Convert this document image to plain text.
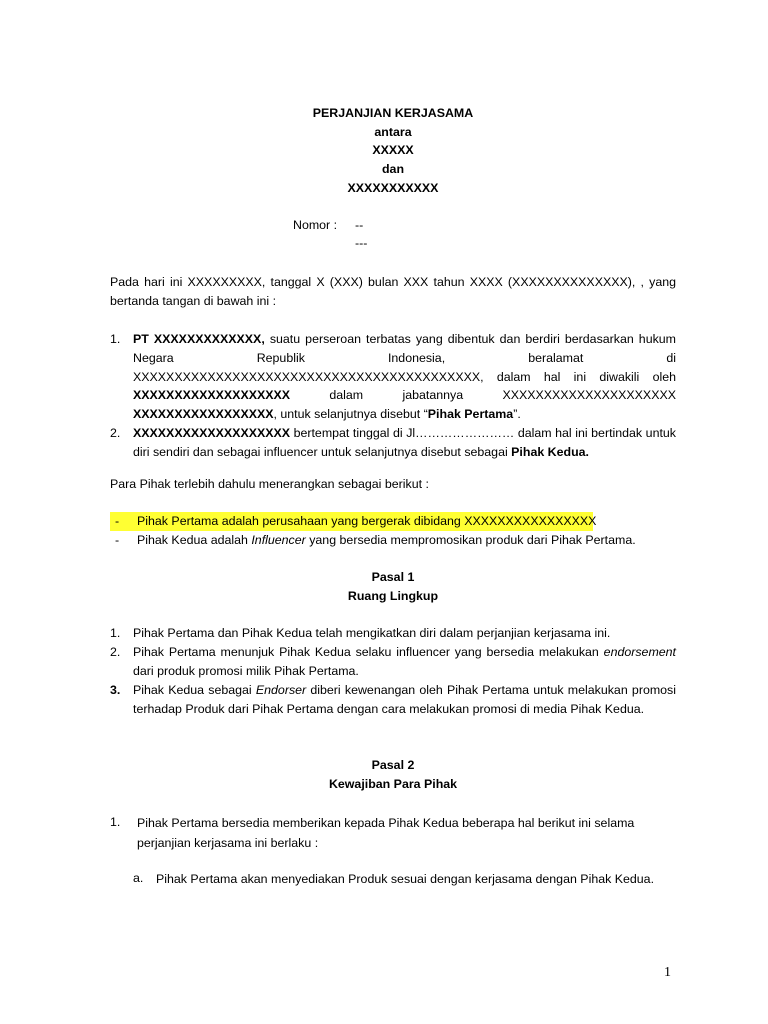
PERJANJIAN KERJASAMA
antara
XXXXX
dan
XXXXXXXXXXX
Nomor : --
---
Pada hari ini XXXXXXXXX, tanggal X (XXX) bulan XXX tahun XXXX (XXXXXXXXXXXXXX), , yang bertanda tangan di bawah ini :
1.	PT XXXXXXXXXXXXX, suatu perseroan terbatas yang dibentuk dan berdiri berdasarkan hukum Negara Republik Indonesia, beralamat di XXXXXXXXXXXXXXXXXXXXXXXXXXXXXXXXXXXXXXXXXX, dalam hal ini diwakili oleh XXXXXXXXXXXXXXXXXXX dalam jabatannya XXXXXXXXXXXXXXXXXXXXX XXXXXXXXXXXXXXXXX, untuk selanjutnya disebut “Pihak Pertama”.
2.	XXXXXXXXXXXXXXXXXXX bertempat tinggal di Jl…………………… dalam hal ini bertindak untuk diri sendiri dan sebagai influencer untuk selanjutnya disebut sebagai Pihak Kedua.
Para Pihak terlebih dahulu menerangkan sebagai berikut :
- Pihak Pertama adalah perusahaan yang bergerak dibidang XXXXXXXXXXXXXXXX
- Pihak Kedua adalah Influencer yang bersedia mempromosikan produk dari Pihak Pertama.
Pasal 1
Ruang Lingkup
1.	Pihak Pertama dan Pihak Kedua telah mengikatkan diri dalam perjanjian kerjasama ini.
2.	Pihak Pertama menunjuk Pihak Kedua selaku influencer yang bersedia melakukan endorsement dari produk promosi milik Pihak Pertama.
3.	Pihak Kedua sebagai Endorser diberi kewenangan oleh Pihak Pertama untuk melakukan promosi terhadap Produk dari Pihak Pertama dengan cara melakukan promosi di media Pihak Kedua.
Pasal 2
Kewajiban Para Pihak
1.	Pihak Pertama bersedia memberikan kepada Pihak Kedua beberapa hal berikut ini selama perjanjian kerjasama ini berlaku :
a. Pihak Pertama akan menyediakan Produk sesuai dengan kerjasama dengan Pihak Kedua.
1
